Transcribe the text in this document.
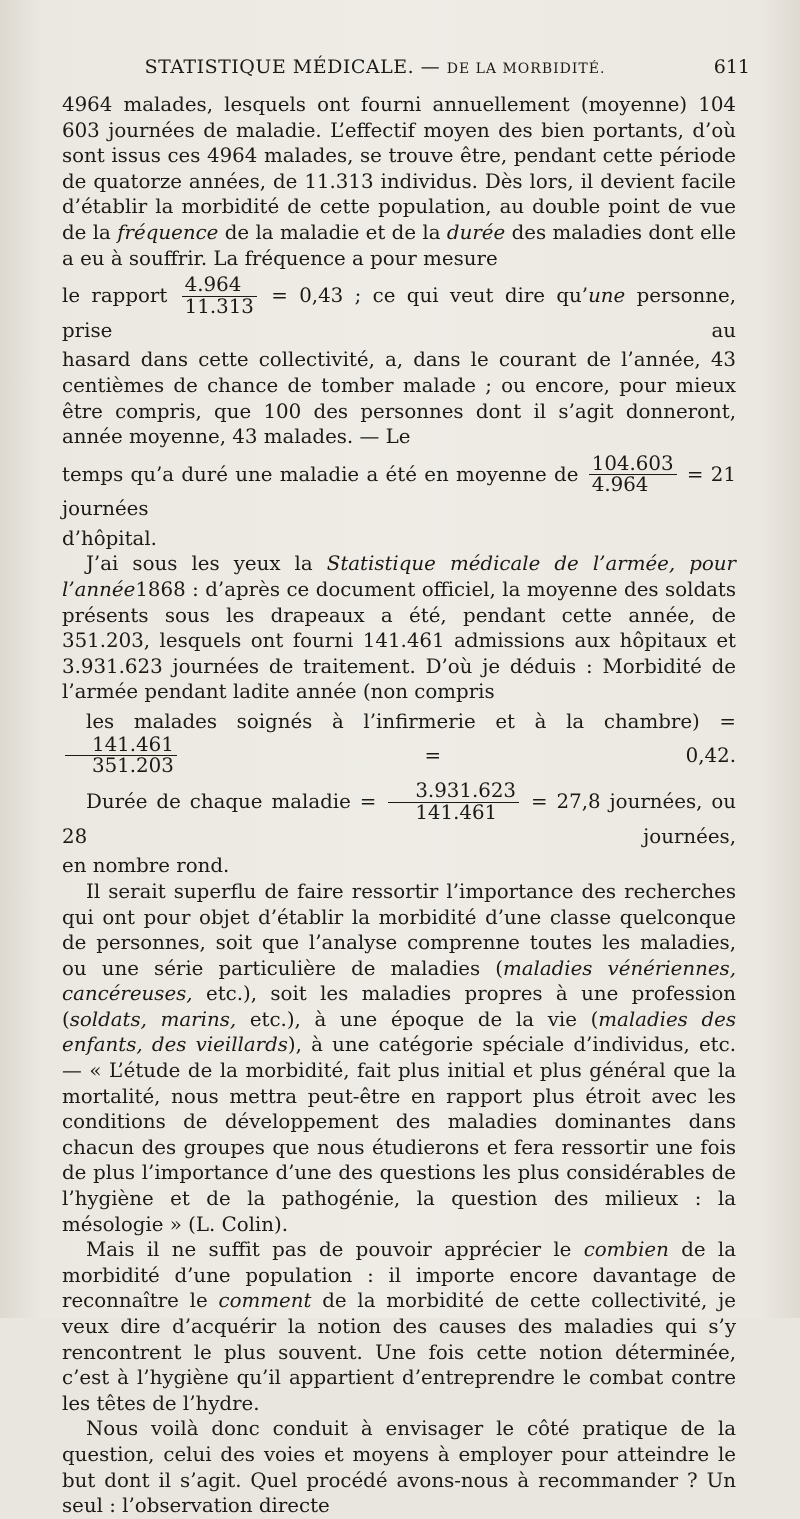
STATISTIQUE MÉDICALE. — DE LA MORBIDITÉ.	611

4964 malades, lesquels ont fourni annuellement (moyenne) 104 603 journées de maladie. L’effectif moyen des bien portants, d’où sont issus ces 4964 malades, se trouve être, pendant cette période de quatorze années, de 11.313 individus. Dès lors, il devient facile d’établir la morbidité de cette population, au double point de vue de la fréquence de la maladie et de la durée des maladies dont elle a eu à souffrir. La fréquence a pour mesure
le rapport $\frac{4.964}{11.313} = 0,43$ ; ce qui veut dire qu’une personne, prise au
hasard dans cette collectivité, a, dans le courant de l’année, 43 centièmes de chance de tomber malade ; ou encore, pour mieux être compris, que 100 des personnes dont il s’agit donneront, année moyenne, 43 malades. — Le
temps qu’a duré une maladie a été en moyenne de $\frac{104.603}{4.964} = 21$ journées
d’hôpital.

J’ai sous les yeux la Statistique médicale de l’armée, pour l’année1868 : d’après ce document officiel, la moyenne des soldats présents sous les drapeaux a été, pendant cette année, de 351.203, lesquels ont fourni 141.461 admissions aux hôpitaux et 3.931.623 journées de traitement. D’où je déduis : Morbidité de l’armée pendant ladite année (non compris
les malades soignés à l’infirmerie et à la chambre) =
$\frac{141.461}{351.203}$	= 0,42.
Durée de chaque maladie = $\frac{3.931.623}{141.461} = 27,8$ journées, ou 28 journées,
en nombre rond.

Il serait superflu de faire ressortir l’importance des recherches qui ont pour objet d’établir la morbidité d’une classe quelconque de personnes, soit que l’analyse comprenne toutes les maladies, ou une série particulière de maladies (maladies vénériennes, cancéreuses, etc.), soit les maladies propres à une profession (soldats, marins, etc.), à une époque de la vie (maladies des enfants, des vieillards), à une catégorie spéciale d’individus, etc. — « L’étude de la morbidité, fait plus initial et plus général que la mortalité, nous mettra peut-être en rapport plus étroit avec les conditions de développement des maladies dominantes dans chacun des groupes que nous étudierons et fera ressortir une fois de plus l’importance d’une des questions les plus considérables de l’hygiène et de la pathogénie, la question des milieux : la mésologie » (L. Colin).

Mais il ne suffit pas de pouvoir apprécier le combien de la morbidité d’une population : il importe encore davantage de reconnaître le comment de la morbidité de cette collectivité, je veux dire d’acquérir la notion des causes des maladies qui s’y rencontrent le plus souvent. Une fois cette notion déterminée, c’est à l’hygiène qu’il appartient d’entreprendre le combat contre les têtes de l’hydre.

Nous voilà donc conduit à envisager le côté pratique de la question, celui des voies et moyens à employer pour atteindre le but dont il s’agit. Quel procédé avons-nous à recommander ? Un seul : l’observation directe
